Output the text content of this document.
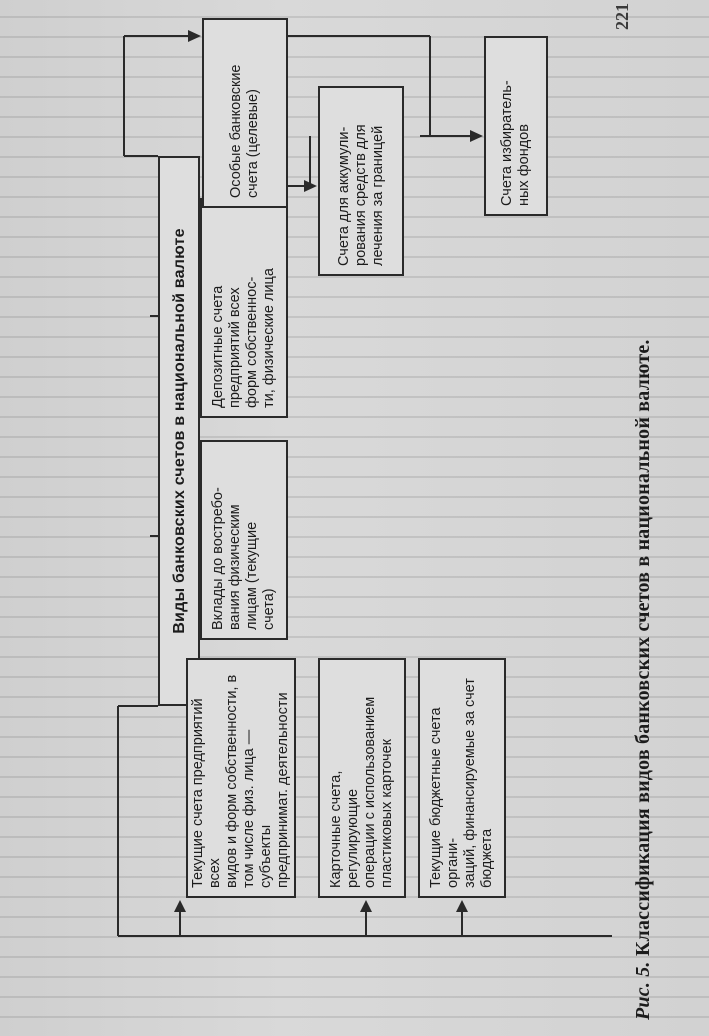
Виды банковских счетов в национальной валюте
Текущие счета предприятий всех видов и форм собственности, в том числе физ. лица — субъекты предпринимат. деятельности
Вклады до востребо- вания физическим лицам (текущие счета)
Депозитные счета предприятий всех форм собственнос- ти, физические лица
Особые банковские счета (целевые)
Карточные счета, регулирующие операции с использованием пластиковых карточек Текущие бюджетные счета органи- заций, финансируемые за счет бюджета
Счета для аккумули- рования средств для лечения за границей	Счета избиратель- ных фондов
Рис. 5. Классификация видов банковских счетов в национальной валюте.
221
